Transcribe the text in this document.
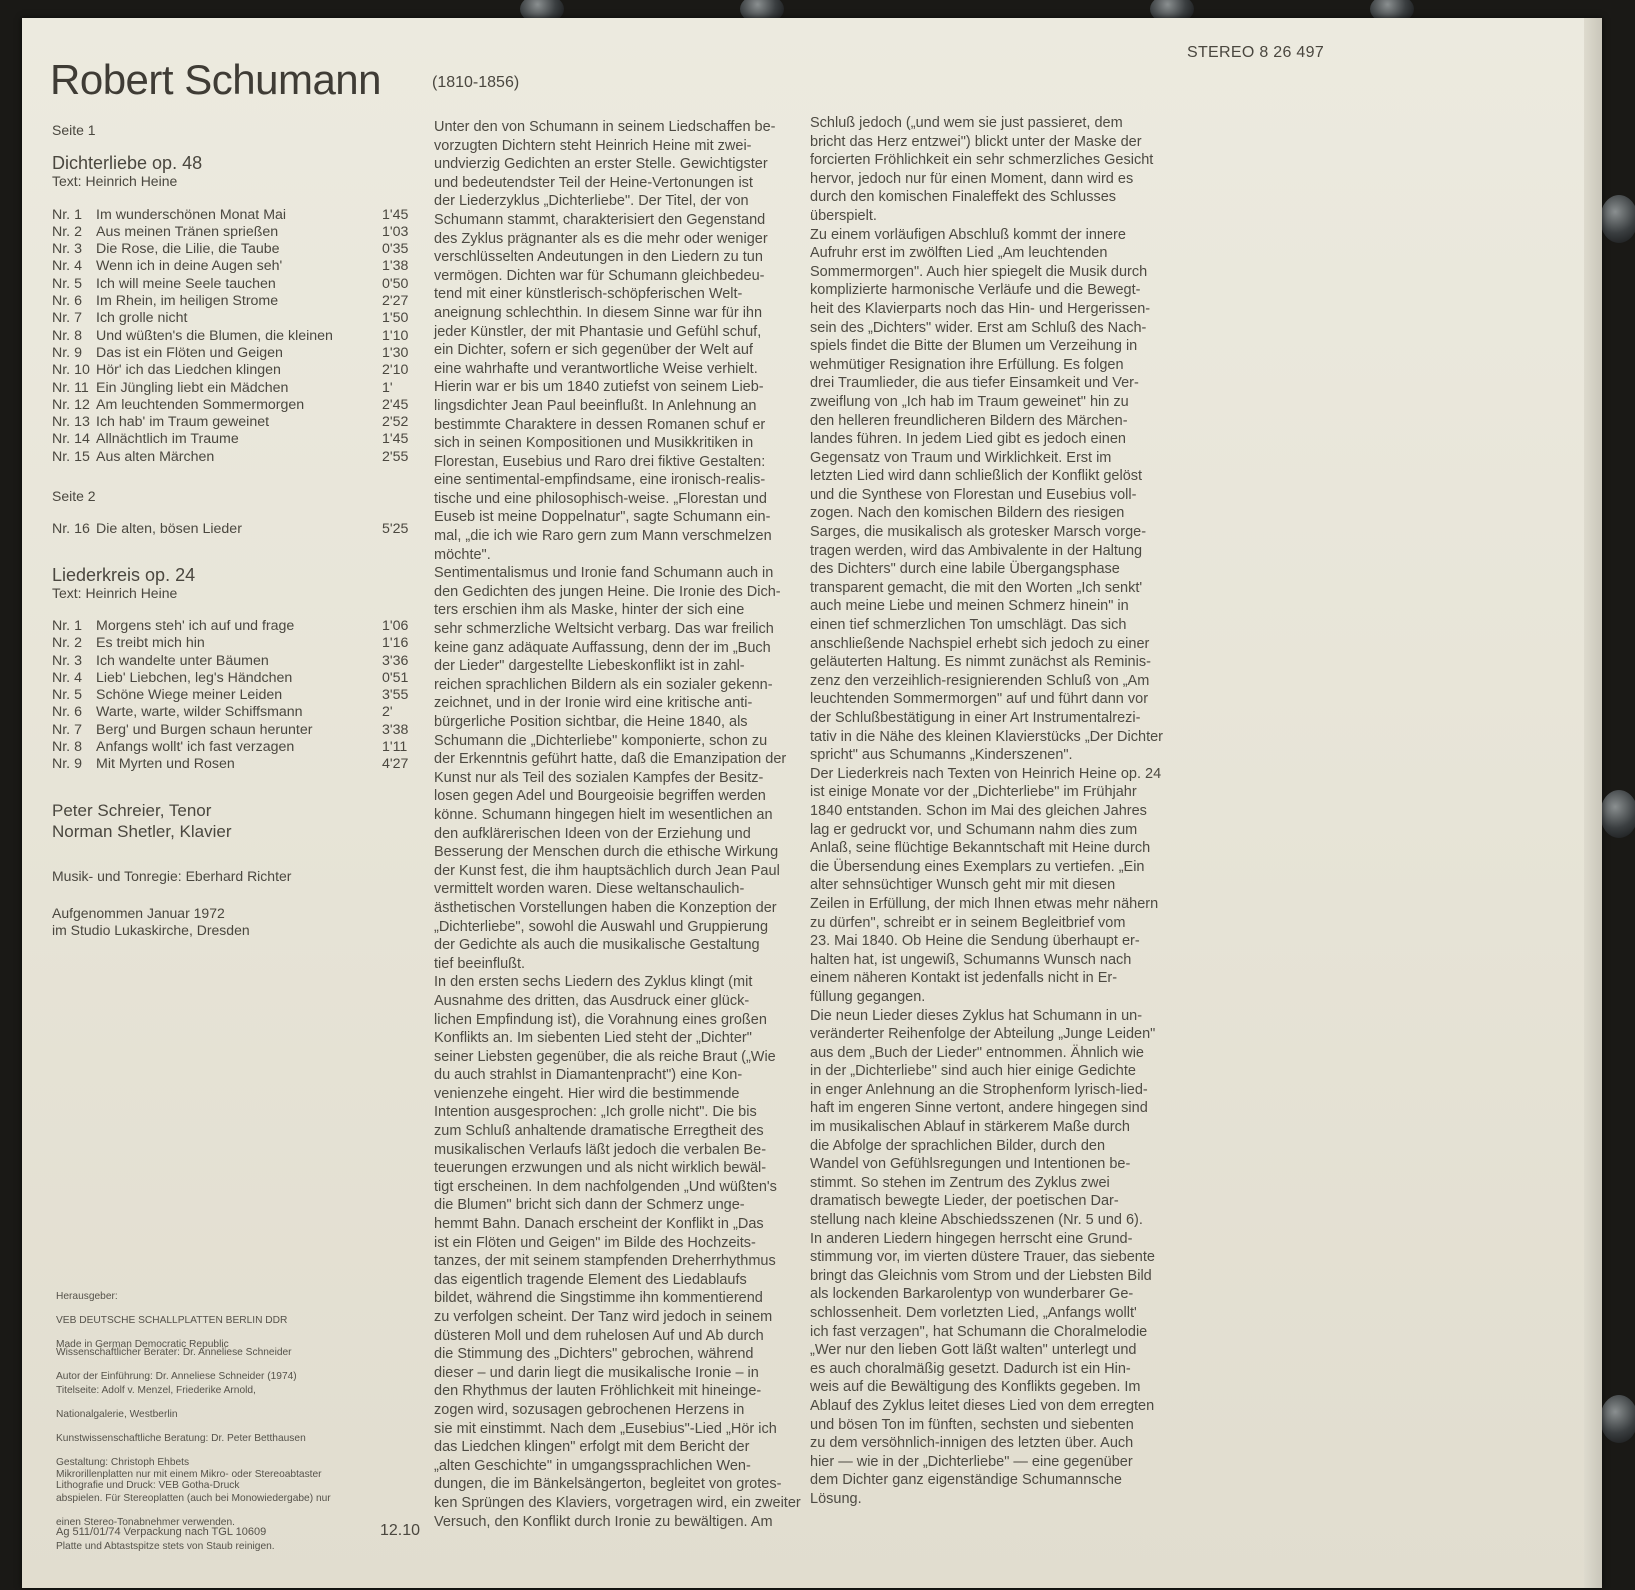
Robert Schumann	(1810-1856)
STEREO 8 26 497
Seite 1
Dichterliebe op. 48
Text: Heinrich Heine
Nr. 1 Im wunderschönen Monat Mai	1'45
Nr. 2 Aus meinen Tränen sprießen	1'03
Nr. 3 Die Rose, die Lilie, die Taube	0'35
Nr. 4 Wenn ich in deine Augen seh'	1'38
Nr. 5 Ich will meine Seele tauchen	0'50
Nr. 6 Im Rhein, im heiligen Strome	2'27
Nr. 7 Ich grolle nicht	1'50
Nr. 8 Und wüßten's die Blumen, die kleinen	1'10
Nr. 9 Das ist ein Flöten und Geigen	1'30
Nr. 10 Hör' ich das Liedchen klingen	2'10
Nr. 11 Ein Jüngling liebt ein Mädchen	1'
Nr. 12 Am leuchtenden Sommermorgen	2'45
Nr. 13 Ich hab' im Traum geweinet	2'52
Nr. 14 Allnächtlich im Traume	1'45
Nr. 15 Aus alten Märchen	2'55
Seite 2
Nr. 16 Die alten, bösen Lieder	5'25
Liederkreis op. 24
Text: Heinrich Heine
Nr. 1 Morgens steh' ich auf und frage	1'06
Nr. 2 Es treibt mich hin	1'16
Nr. 3 Ich wandelte unter Bäumen	3'36
Nr. 4 Lieb' Liebchen, leg's Händchen	0'51
Nr. 5 Schöne Wiege meiner Leiden	3'55
Nr. 6 Warte, warte, wilder Schiffsmann	2'
Nr. 7 Berg' und Burgen schaun herunter	3'38
Nr. 8 Anfangs wollt' ich fast verzagen	1'11
Nr. 9 Mit Myrten und Rosen	4'27
Peter Schreier, Tenor
Norman Shetler, Klavier
Musik- und Tonregie: Eberhard Richter
Aufgenommen Januar 1972
im Studio Lukaskirche, Dresden

Herausgeber:

VEB DEUTSCHE SCHALLPLATTEN BERLIN DDR

Made in German Democratic Republic

Wissenschaftlicher Berater: Dr. Anneliese Schneider

Autor der Einführung: Dr. Anneliese Schneider (1974)

Titelseite: Adolf v. Menzel, Friederike Arnold,

Nationalgalerie, Westberlin

Kunstwissenschaftliche Beratung: Dr. Peter Betthausen

Gestaltung: Christoph Ehbets

Lithografie und Druck: VEB Gotha-Druck

Mikrorillenplatten nur mit einem Mikro- oder Stereoabtaster

abspielen. Für Stereoplatten (auch bei Monowiedergabe) nur

einen Stereo-Tonabnehmer verwenden.

Platte und Abtastspitze stets von Staub reinigen.

Ag 511/01/74 Verpackung nach TGL 10609	12.10

Unter den von Schumann in seinem Liedschaffen be-

vorzugten Dichtern steht Heinrich Heine mit zwei-

undvierzig Gedichten an erster Stelle. Gewichtigster

und bedeutendster Teil der Heine-Vertonungen ist

der Liederzyklus „Dichterliebe". Der Titel, der von

Schumann stammt, charakterisiert den Gegenstand

des Zyklus prägnanter als es die mehr oder weniger

verschlüsselten Andeutungen in den Liedern zu tun

vermögen. Dichten war für Schumann gleichbedeu-

tend mit einer künstlerisch-schöpferischen Welt-

aneignung schlechthin. In diesem Sinne war für ihn

jeder Künstler, der mit Phantasie und Gefühl schuf,

ein Dichter, sofern er sich gegenüber der Welt auf

eine wahrhafte und verantwortliche Weise verhielt.

Hierin war er bis um 1840 zutiefst von seinem Lieb-

lingsdichter Jean Paul beeinflußt. In Anlehnung an

bestimmte Charaktere in dessen Romanen schuf er

sich in seinen Kompositionen und Musikkritiken in

Florestan, Eusebius und Raro drei fiktive Gestalten:

eine sentimental-empfindsame, eine ironisch-realis-

tische und eine philosophisch-weise. „Florestan und

Euseb ist meine Doppelnatur", sagte Schumann ein-

mal, „die ich wie Raro gern zum Mann verschmelzen

möchte".

Sentimentalismus und Ironie fand Schumann auch in

den Gedichten des jungen Heine. Die Ironie des Dich-

ters erschien ihm als Maske, hinter der sich eine

sehr schmerzliche Weltsicht verbarg. Das war freilich

keine ganz adäquate Auffassung, denn der im „Buch

der Lieder" dargestellte Liebeskonflikt ist in zahl-

reichen sprachlichen Bildern als ein sozialer gekenn-

zeichnet, und in der Ironie wird eine kritische anti-

bürgerliche Position sichtbar, die Heine 1840, als

Schumann die „Dichterliebe" komponierte, schon zu

der Erkenntnis geführt hatte, daß die Emanzipation der

Kunst nur als Teil des sozialen Kampfes der Besitz-

losen gegen Adel und Bourgeoisie begriffen werden

könne. Schumann hingegen hielt im wesentlichen an

den aufklärerischen Ideen von der Erziehung und

Besserung der Menschen durch die ethische Wirkung

der Kunst fest, die ihm hauptsächlich durch Jean Paul

vermittelt worden waren. Diese weltanschaulich-

ästhetischen Vorstellungen haben die Konzeption der

„Dichterliebe", sowohl die Auswahl und Gruppierung

der Gedichte als auch die musikalische Gestaltung

tief beeinflußt.

In den ersten sechs Liedern des Zyklus klingt (mit

Ausnahme des dritten, das Ausdruck einer glück-

lichen Empfindung ist), die Vorahnung eines großen

Konflikts an. Im siebenten Lied steht der „Dichter"

seiner Liebsten gegenüber, die als reiche Braut („Wie

du auch strahlst in Diamantenpracht") eine Kon-

venienzehe eingeht. Hier wird die bestimmende

Intention ausgesprochen: „Ich grolle nicht". Die bis

zum Schluß anhaltende dramatische Erregtheit des

musikalischen Verlaufs läßt jedoch die verbalen Be-

teuerungen erzwungen und als nicht wirklich bewäl-

tigt erscheinen. In dem nachfolgenden „Und wüßten's

die Blumen" bricht sich dann der Schmerz unge-

hemmt Bahn. Danach erscheint der Konflikt in „Das

ist ein Flöten und Geigen" im Bilde des Hochzeits-

tanzes, der mit seinem stampfenden Dreherrhythmus

das eigentlich tragende Element des Liedablaufs

bildet, während die Singstimme ihn kommentierend

zu verfolgen scheint. Der Tanz wird jedoch in seinem

düsteren Moll und dem ruhelosen Auf und Ab durch

die Stimmung des „Dichters" gebrochen, während

dieser – und darin liegt die musikalische Ironie – in

den Rhythmus der lauten Fröhlichkeit mit hineinge-

zogen wird, sozusagen gebrochenen Herzens in

sie mit einstimmt. Nach dem „Eusebius"-Lied „Hör ich

das Liedchen klingen" erfolgt mit dem Bericht der

„alten Geschichte" in umgangssprachlichen Wen-

dungen, die im Bänkelsängerton, begleitet von grotes-

ken Sprüngen des Klaviers, vorgetragen wird, ein zweiter

Versuch, den Konflikt durch Ironie zu bewältigen. Am

Schluß jedoch („und wem sie just passieret, dem

bricht das Herz entzwei") blickt unter der Maske der

forcierten Fröhlichkeit ein sehr schmerzliches Gesicht

hervor, jedoch nur für einen Moment, dann wird es

durch den komischen Finaleffekt des Schlusses

überspielt.

Zu einem vorläufigen Abschluß kommt der innere

Aufruhr erst im zwölften Lied „Am leuchtenden

Sommermorgen". Auch hier spiegelt die Musik durch

komplizierte harmonische Verläufe und die Bewegt-

heit des Klavierparts noch das Hin- und Hergerissen-

sein des „Dichters" wider. Erst am Schluß des Nach-

spiels findet die Bitte der Blumen um Verzeihung in

wehmütiger Resignation ihre Erfüllung. Es folgen

drei Traumlieder, die aus tiefer Einsamkeit und Ver-

zweiflung von „Ich hab im Traum geweinet" hin zu

den helleren freundlicheren Bildern des Märchen-

landes führen. In jedem Lied gibt es jedoch einen

Gegensatz von Traum und Wirklichkeit. Erst im

letzten Lied wird dann schließlich der Konflikt gelöst

und die Synthese von Florestan und Eusebius voll-

zogen. Nach den komischen Bildern des riesigen

Sarges, die musikalisch als grotesker Marsch vorge-

tragen werden, wird das Ambivalente in der Haltung

des Dichters" durch eine labile Übergangsphase

transparent gemacht, die mit den Worten „Ich senkt'

auch meine Liebe und meinen Schmerz hinein" in

einen tief schmerzlichen Ton umschlägt. Das sich

anschließende Nachspiel erhebt sich jedoch zu einer

geläuterten Haltung. Es nimmt zunächst als Reminis-

zenz den verzeihlich-resignierenden Schluß von „Am

leuchtenden Sommermorgen" auf und führt dann vor

der Schlußbestätigung in einer Art Instrumentalrezi-

tativ in die Nähe des kleinen Klavierstücks „Der Dichter

spricht" aus Schumanns „Kinderszenen".

Der Liederkreis nach Texten von Heinrich Heine op. 24

ist einige Monate vor der „Dichterliebe" im Frühjahr

1840 entstanden. Schon im Mai des gleichen Jahres

lag er gedruckt vor, und Schumann nahm dies zum

Anlaß, seine flüchtige Bekanntschaft mit Heine durch

die Übersendung eines Exemplars zu vertiefen. „Ein

alter sehnsüchtiger Wunsch geht mir mit diesen

Zeilen in Erfüllung, der mich Ihnen etwas mehr nähern

zu dürfen", schreibt er in seinem Begleitbrief vom

23. Mai 1840. Ob Heine die Sendung überhaupt er-

halten hat, ist ungewiß, Schumanns Wunsch nach

einem näheren Kontakt ist jedenfalls nicht in Er-

füllung gegangen.

Die neun Lieder dieses Zyklus hat Schumann in un-

veränderter Reihenfolge der Abteilung „Junge Leiden"

aus dem „Buch der Lieder" entnommen. Ähnlich wie

in der „Dichterliebe" sind auch hier einige Gedichte

in enger Anlehnung an die Strophenform lyrisch-lied-

haft im engeren Sinne vertont, andere hingegen sind

im musikalischen Ablauf in stärkerem Maße durch

die Abfolge der sprachlichen Bilder, durch den

Wandel von Gefühlsregungen und Intentionen be-

stimmt. So stehen im Zentrum des Zyklus zwei

dramatisch bewegte Lieder, der poetischen Dar-

stellung nach kleine Abschiedsszenen (Nr. 5 und 6).

In anderen Liedern hingegen herrscht eine Grund-

stimmung vor, im vierten düstere Trauer, das siebente

bringt das Gleichnis vom Strom und der Liebsten Bild

als lockenden Barkarolentyp von wunderbarer Ge-

schlossenheit. Dem vorletzten Lied, „Anfangs wollt'

ich fast verzagen", hat Schumann die Choralmelodie

„Wer nur den lieben Gott läßt walten" unterlegt und

es auch choralmäßig gesetzt. Dadurch ist ein Hin-

weis auf die Bewältigung des Konflikts gegeben. Im

Ablauf des Zyklus leitet dieses Lied von dem erregten

und bösen Ton im fünften, sechsten und siebenten

zu dem versöhnlich-innigen des letzten über. Auch

hier — wie in der „Dichterliebe" — eine gegenüber

dem Dichter ganz eigenständige Schumannsche

Lösung.
